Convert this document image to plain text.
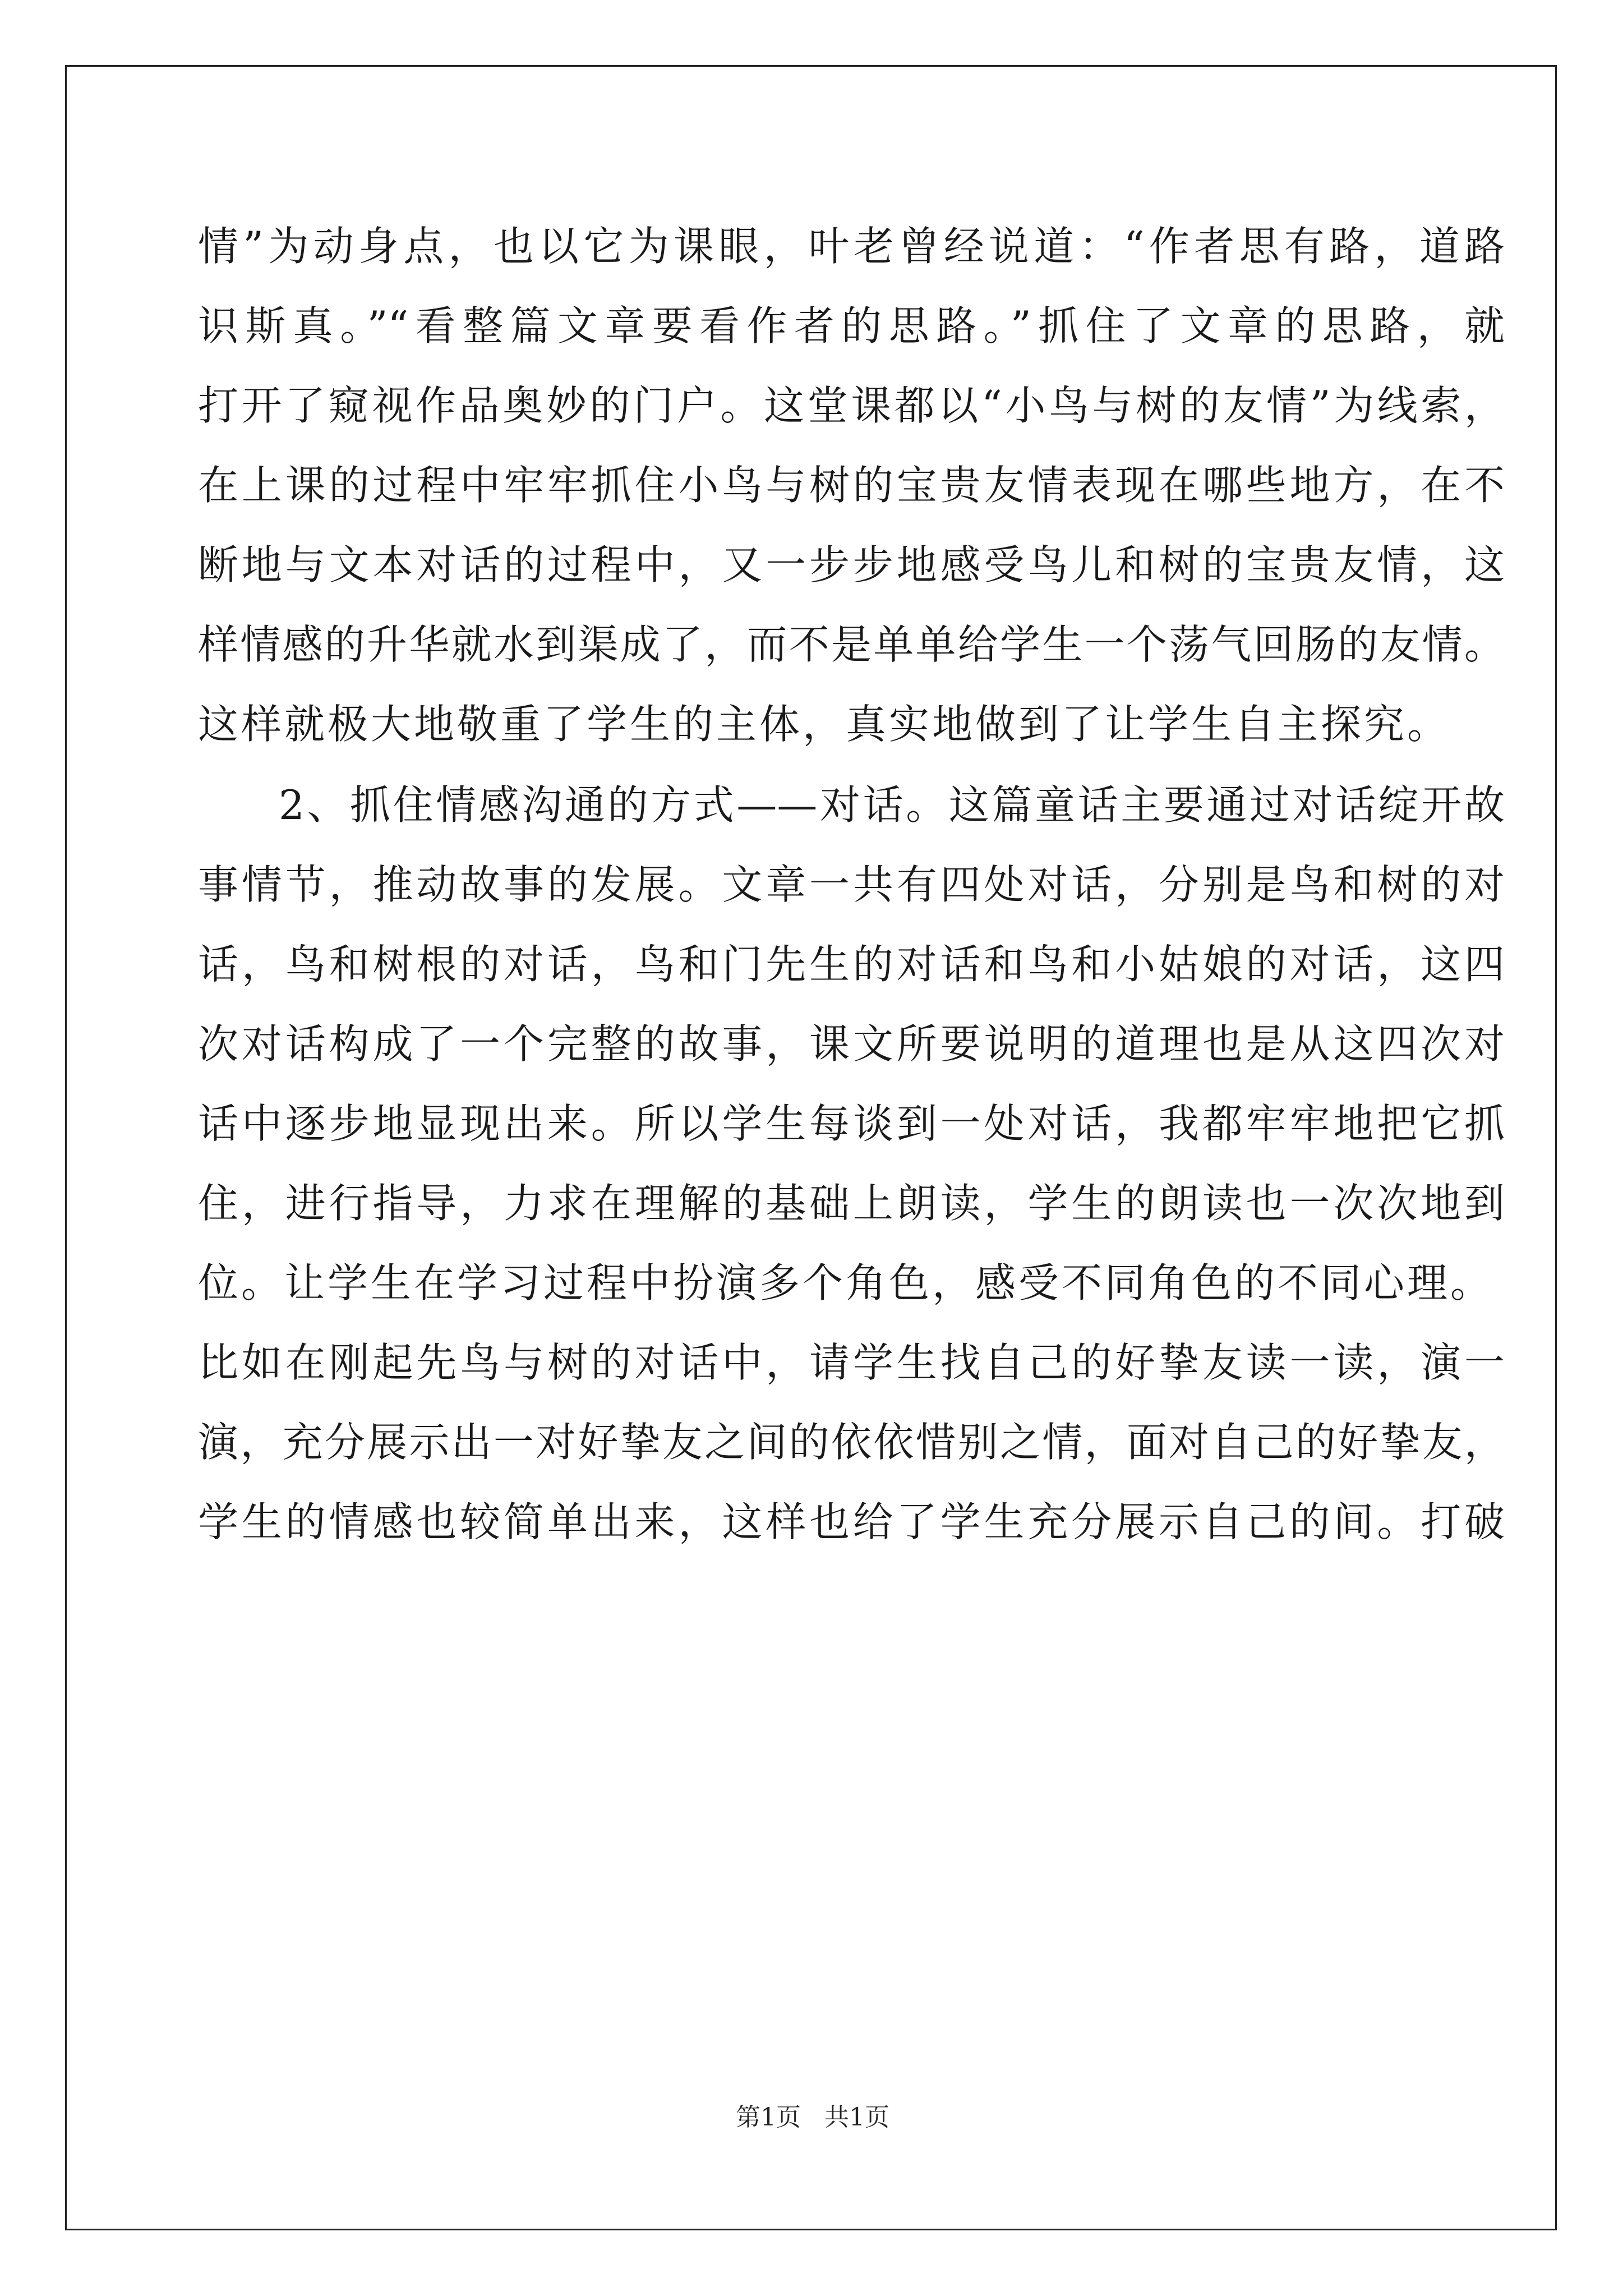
情”为动身点，也以它为课眼，叶老曾经说道：“作者思有路，道路

识斯真。”“看整篇文章要看作者的思路。”抓住了文章的思路，就

打开了窥视作品奥妙的门户。这堂课都以“小鸟与树的友情”为线索，

在上课的过程中牢牢抓住小鸟与树的宝贵友情表现在哪些地方，在不

断地与文本对话的过程中，又一步步地感受鸟儿和树的宝贵友情，这

样情感的升华就水到渠成了，而不是单单给学生一个荡气回肠的友情。

这样就极大地敬重了学生的主体，真实地做到了让学生自主探究。

2、抓住情感沟通的方式——对话。这篇童话主要通过对话绽开故

事情节，推动故事的发展。文章一共有四处对话，分别是鸟和树的对

话，鸟和树根的对话，鸟和门先生的对话和鸟和小姑娘的对话，这四

次对话构成了一个完整的故事，课文所要说明的道理也是从这四次对

话中逐步地显现出来。所以学生每谈到一处对话，我都牢牢地把它抓

住，进行指导，力求在理解的基础上朗读，学生的朗读也一次次地到

位。让学生在学习过程中扮演多个角色，感受不同角色的不同心理。

比如在刚起先鸟与树的对话中，请学生找自己的好挚友读一读，演一

演，充分展示出一对好挚友之间的依依惜别之情，面对自己的好挚友，

学生的情感也较简单出来，这样也给了学生充分展示自己的间。打破

第1页   共1页
